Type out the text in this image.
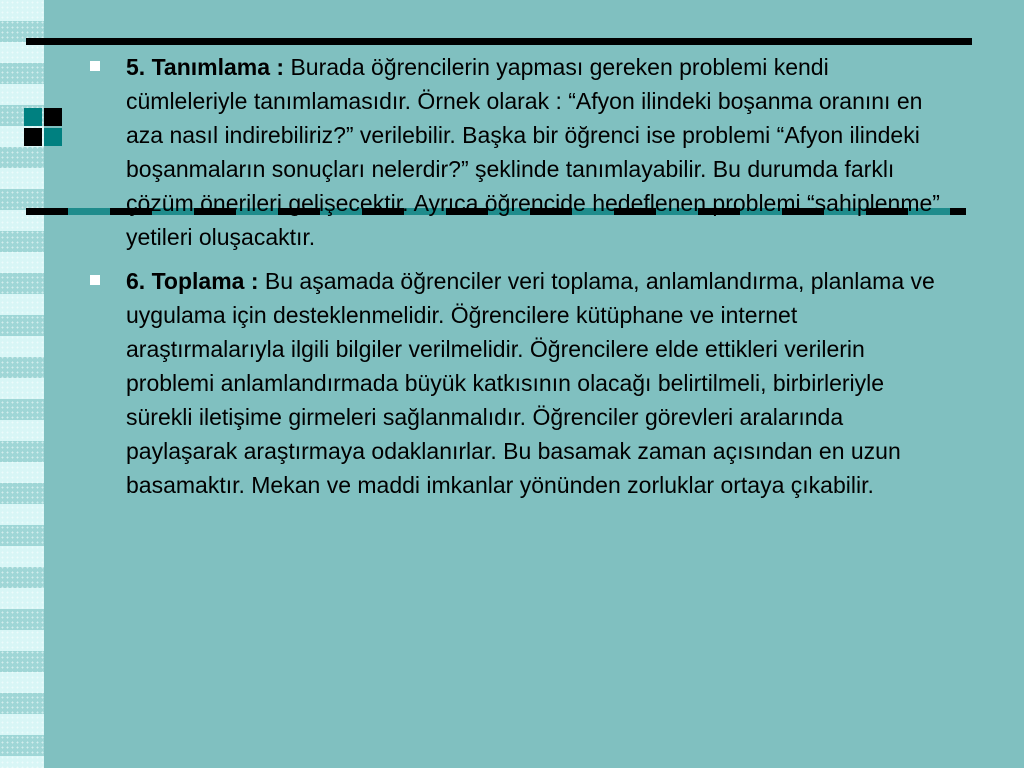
5. Tanımlama : Burada öğrencilerin yapması gereken problemi kendi cümleleriyle tanımlamasıdır. Örnek olarak : “Afyon ilindeki boşanma oranını en aza nasıl indirebiliriz?” verilebilir. Başka bir öğrenci ise problemi “Afyon ilindeki boşanmaların sonuçları nelerdir?” şeklinde tanımlayabilir. Bu durumda farklı çözüm önerileri gelişecektir. Ayrıca öğrencide hedeflenen problemi “sahiplenme” yetileri oluşacaktır.

6. Toplama : Bu aşamada öğrenciler veri toplama, anlamlandırma, planlama ve uygulama için desteklenmelidir. Öğrencilere kütüphane ve internet araştırmalarıyla ilgili bilgiler verilmelidir. Öğrencilere elde ettikleri verilerin problemi anlamlandırmada büyük katkısının olacağı belirtilmeli, birbirleriyle sürekli iletişime girmeleri sağlanmalıdır. Öğrenciler görevleri aralarında paylaşarak araştırmaya odaklanırlar. Bu basamak zaman açısından en uzun basamaktır. Mekan ve maddi imkanlar yönünden zorluklar ortaya çıkabilir.
